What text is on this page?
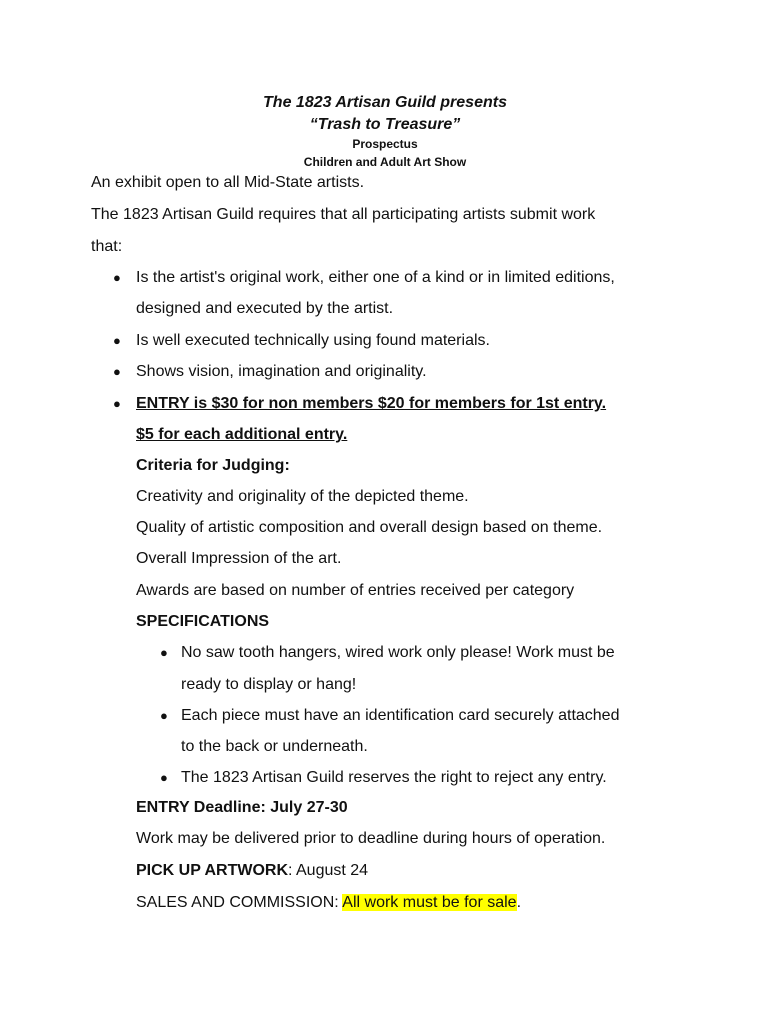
The 1823 Artisan Guild presents
“Trash to Treasure”
Prospectus
Children and Adult Art Show
An exhibit open to all Mid-State artists.
The 1823 Artisan Guild requires that all participating artists submit work
that:
● Is the artist's original work, either one of a kind or in limited editions,
designed and executed by the artist.
● Is well executed technically using found materials.
● Shows vision, imagination and originality.
● ENTRY is $30 for non members $20 for members for 1st entry.
$5 for each additional entry.
Criteria for Judging:
Creativity and originality of the depicted theme.
Quality of artistic composition and overall design based on theme.
Overall Impression of the art.
Awards are based on number of entries received per category
SPECIFICATIONS
● No saw tooth hangers, wired work only please! Work must be
ready to display or hang!
● Each piece must have an identification card securely attached
to the back or underneath.
● The 1823 Artisan Guild reserves the right to reject any entry.
ENTRY Deadline: July 27-30
Work may be delivered prior to deadline during hours of operation.
PICK UP ARTWORK: August 24
SALES AND COMMISSION: All work must be for sale.
